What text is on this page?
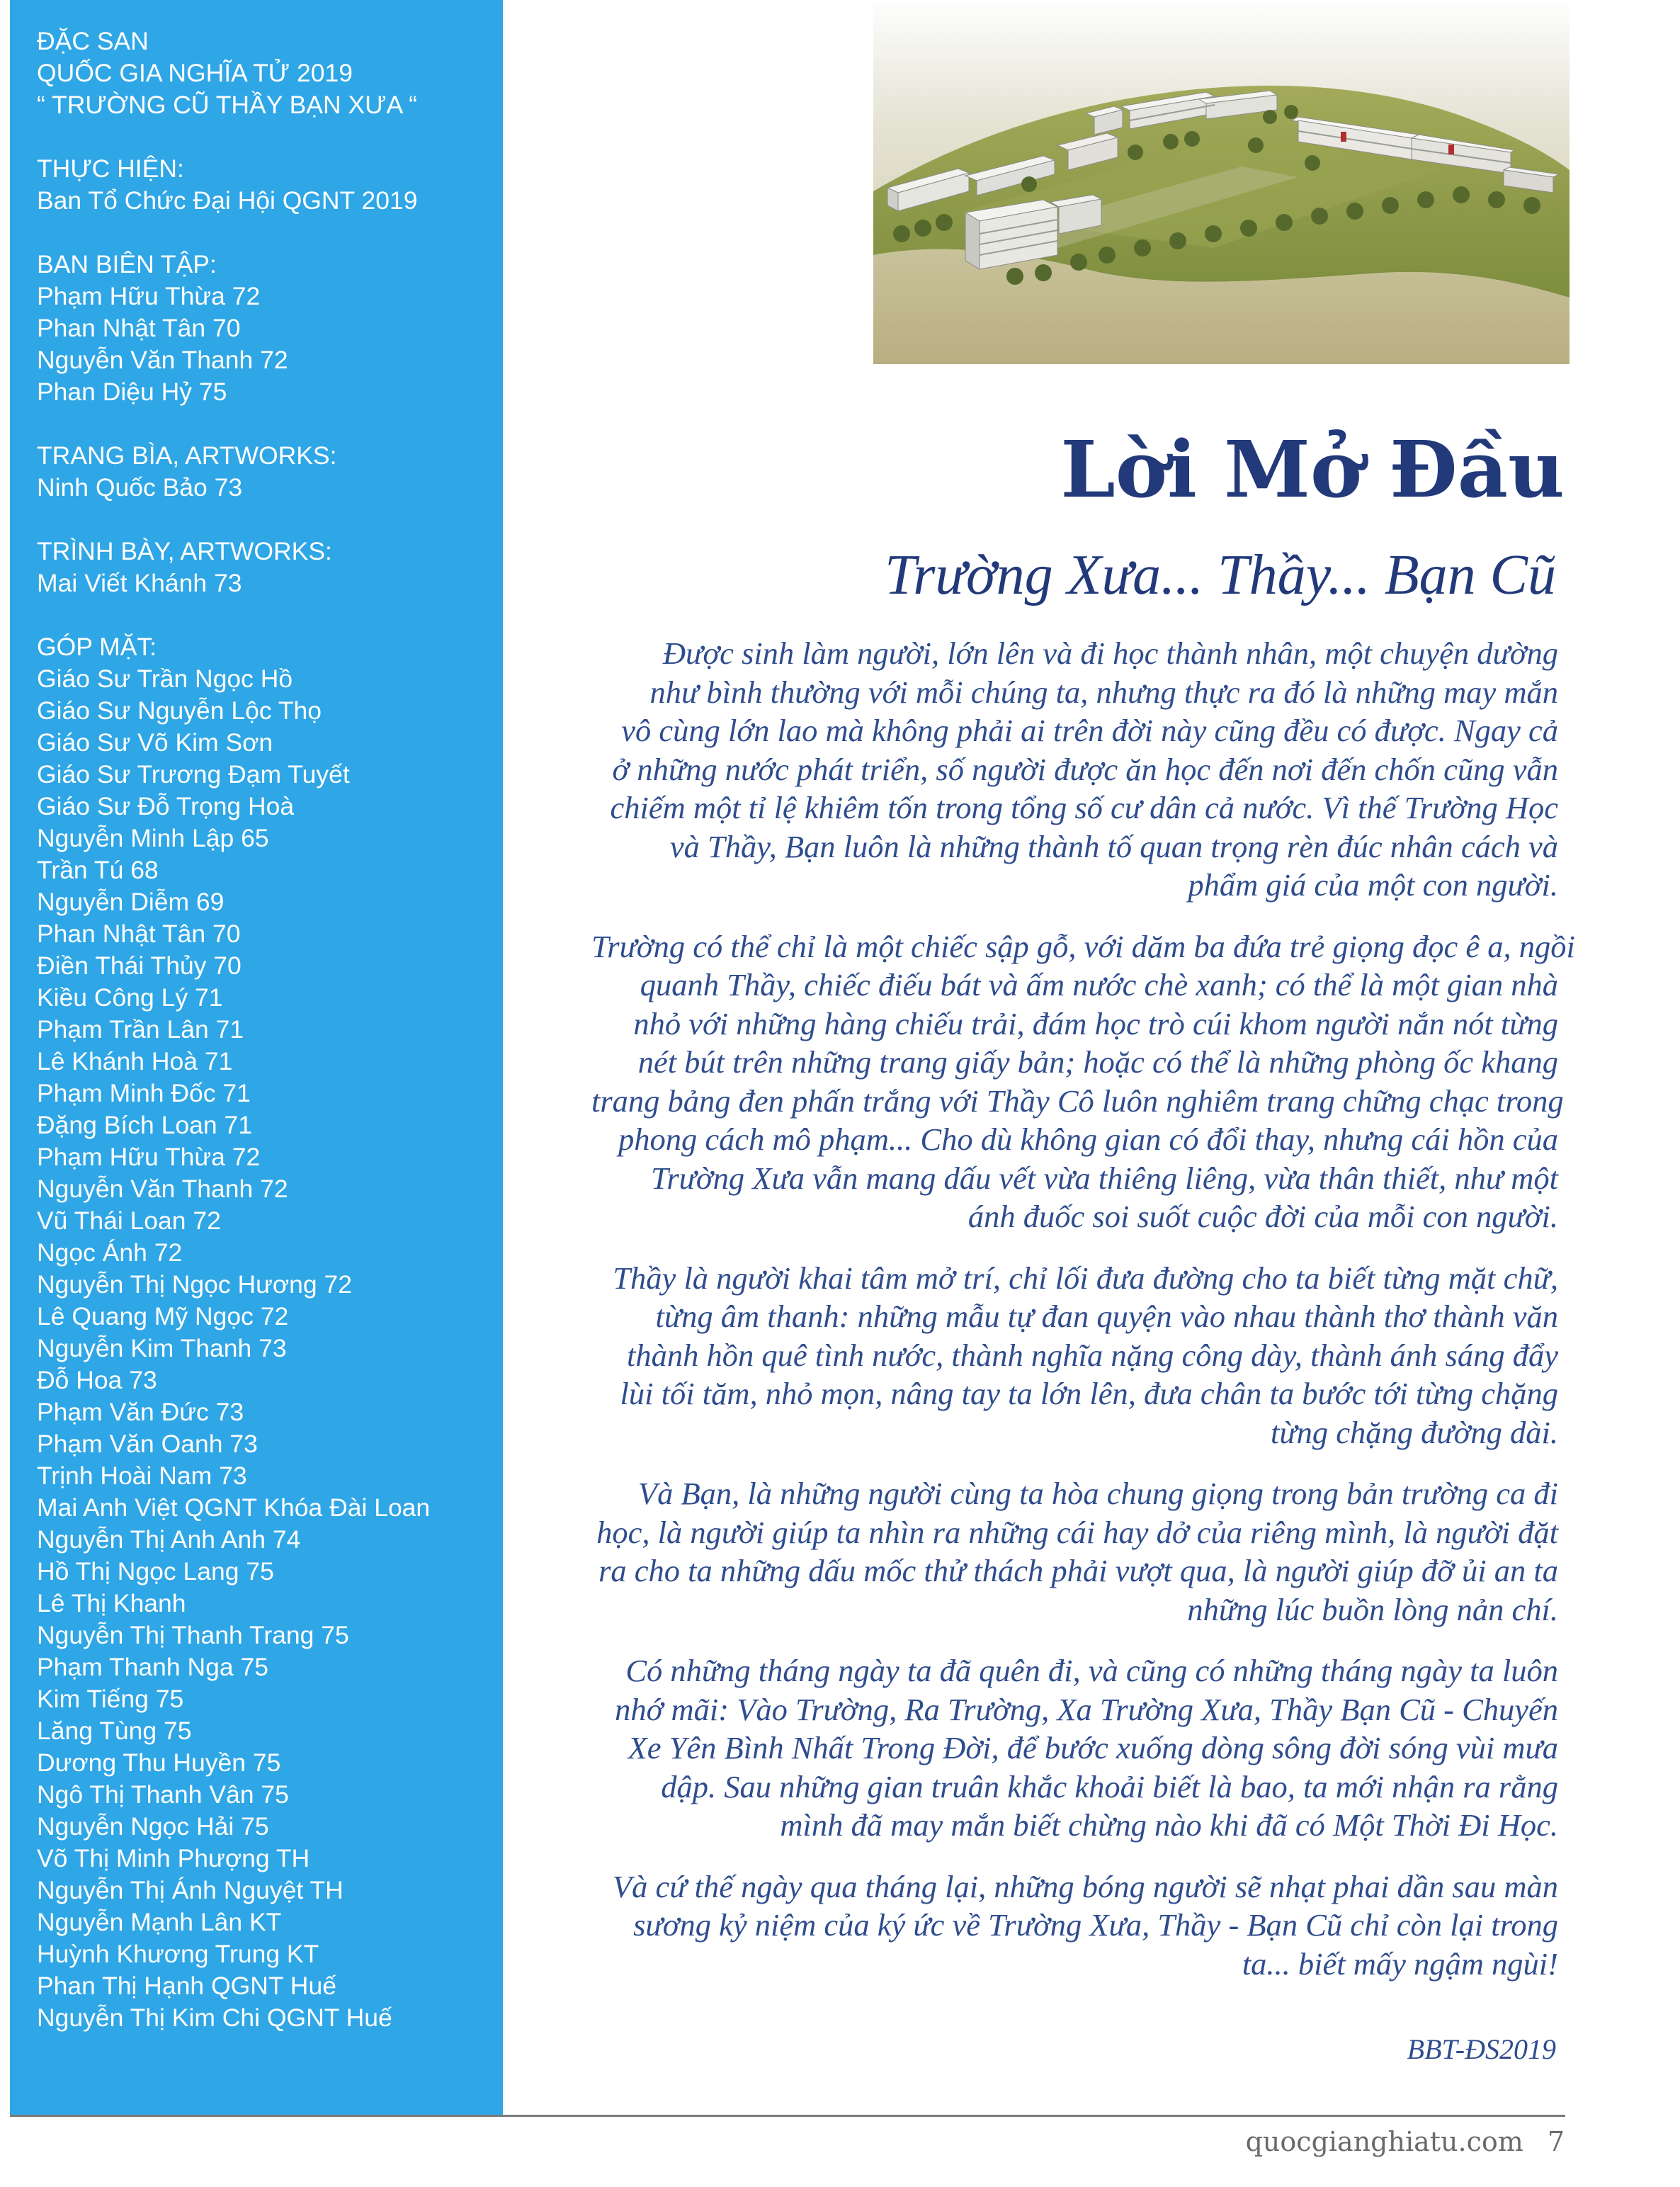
ĐẶC SAN
QUỐC GIA NGHĨA TỬ 2019
“ TRƯỜNG CŨ THẦY BẠN XƯA “
THỰC HIỆN:
Ban Tổ Chức Đại Hội QGNT 2019
BAN BIÊN TẬP:
Phạm Hữu Thừa 72
Phan Nhật Tân 70
Nguyễn Văn Thanh 72
Phan Diệu Hỷ 75
TRANG BÌA, ARTWORKS:
Ninh Quốc Bảo 73
TRÌNH BÀY, ARTWORKS:
Mai Viết Khánh 73
GÓP MẶT:
Giáo Sư Trần Ngọc Hồ
Giáo Sư Nguyễn Lộc Thọ
Giáo Sư Võ Kim Sơn
Giáo Sư Trương Đạm Tuyết
Giáo Sư Đỗ Trọng Hoà
Nguyễn Minh Lập 65
Trần Tú 68
Nguyễn Diễm 69
Phan Nhật Tân 70
Điền Thái Thủy 70
Kiều Công Lý 71
Phạm Trần Lân 71
Lê Khánh Hoà 71
Phạm Minh Đốc 71
Đặng Bích Loan 71
Phạm Hữu Thừa 72
Nguyễn Văn Thanh 72
Vũ Thái Loan 72
Ngọc Ánh 72
Nguyễn Thị Ngọc Hương 72
Lê Quang Mỹ Ngọc 72
Nguyễn Kim Thanh 73
Đỗ Hoa 73
Phạm Văn Đức 73
Phạm Văn Oanh 73
Trịnh Hoài Nam 73
Mai Anh Việt QGNT Khóa Đài Loan
Nguyễn Thị Anh Anh 74
Hồ Thị Ngọc Lang 75
Lê Thị Khanh
Nguyễn Thị Thanh Trang 75
Phạm Thanh Nga 75
Kim Tiếng 75
Lăng Tùng 75
Dương Thu Huyền 75
Ngô Thị Thanh Vân 75
Nguyễn Ngọc Hải 75
Võ Thị Minh Phượng TH
Nguyễn Thị Ánh Nguyệt TH
Nguyễn Mạnh Lân KT
Huỳnh Khương Trung KT
Phan Thị Hạnh QGNT Huế
Nguyễn Thị Kim Chi QGNT Huế
Lời Mở Đầu
Trường Xưa... Thầy... Bạn Cũ

Được sinh làm người, lớn lên và đi học thành nhân, một chuyện dường
như bình thường với mỗi chúng ta, nhưng thực ra đó là những may mắn
vô cùng lớn lao mà không phải ai trên đời này cũng đều có được. Ngay cả
ở những nước phát triển, số người được ăn học đến nơi đến chốn cũng vẫn
chiếm một tỉ lệ khiêm tốn trong tổng số cư dân cả nước. Vì thế Trường Học
và Thầy, Bạn luôn là những thành tố quan trọng rèn đúc nhân cách và
phẩm giá của một con người.

Trường có thể chỉ là một chiếc sập gỗ, với dăm ba đứa trẻ giọng đọc ê a, ngồi
quanh Thầy, chiếc điếu bát và ấm nước chè xanh; có thể là một gian nhà
nhỏ với những hàng chiếu trải, đám học trò cúi khom người nắn nót từng
nét bút trên những trang giấy bản; hoặc có thể là những phòng ốc khang
trang bảng đen phấn trắng với Thầy Cô luôn nghiêm trang chững chạc trong
phong cách mô phạm... Cho dù không gian có đổi thay, nhưng cái hồn của
Trường Xưa vẫn mang dấu vết vừa thiêng liêng, vừa thân thiết, như một
ánh đuốc soi suốt cuộc đời của mỗi con người.

Thầy là người khai tâm mở trí, chỉ lối đưa đường cho ta biết từng mặt chữ,
từng âm thanh: những mẫu tự đan quyện vào nhau thành thơ thành văn
thành hồn quê tình nước, thành nghĩa nặng công dày, thành ánh sáng đẩy
lùi tối tăm, nhỏ mọn, nâng tay ta lớn lên, đưa chân ta bước tới từng chặng
từng chặng đường dài.

Và Bạn, là những người cùng ta hòa chung giọng trong bản trường ca đi
học, là người giúp ta nhìn ra những cái hay dở của riêng mình, là người đặt
ra cho ta những dấu mốc thử thách phải vượt qua, là người giúp đỡ ủi an ta
những lúc buồn lòng nản chí.

Có những tháng ngày ta đã quên đi, và cũng có những tháng ngày ta luôn
nhớ mãi: Vào Trường, Ra Trường, Xa Trường Xưa, Thầy Bạn Cũ - Chuyến
Xe Yên Bình Nhất Trong Đời, để bước xuống dòng sông đời sóng vùi mưa
dập. Sau những gian truân khắc khoải biết là bao, ta mới nhận ra rằng
mình đã may mắn biết chừng nào khi đã có Một Thời Đi Học.

Và cứ thế ngày qua tháng lại, những bóng người sẽ nhạt phai dần sau màn
sương kỷ niệm của ký ức về Trường Xưa, Thầy - Bạn Cũ chỉ còn lại trong
ta... biết mấy ngậm ngùi!

BBT-ĐS2019
quocgianghiatu.com 7
